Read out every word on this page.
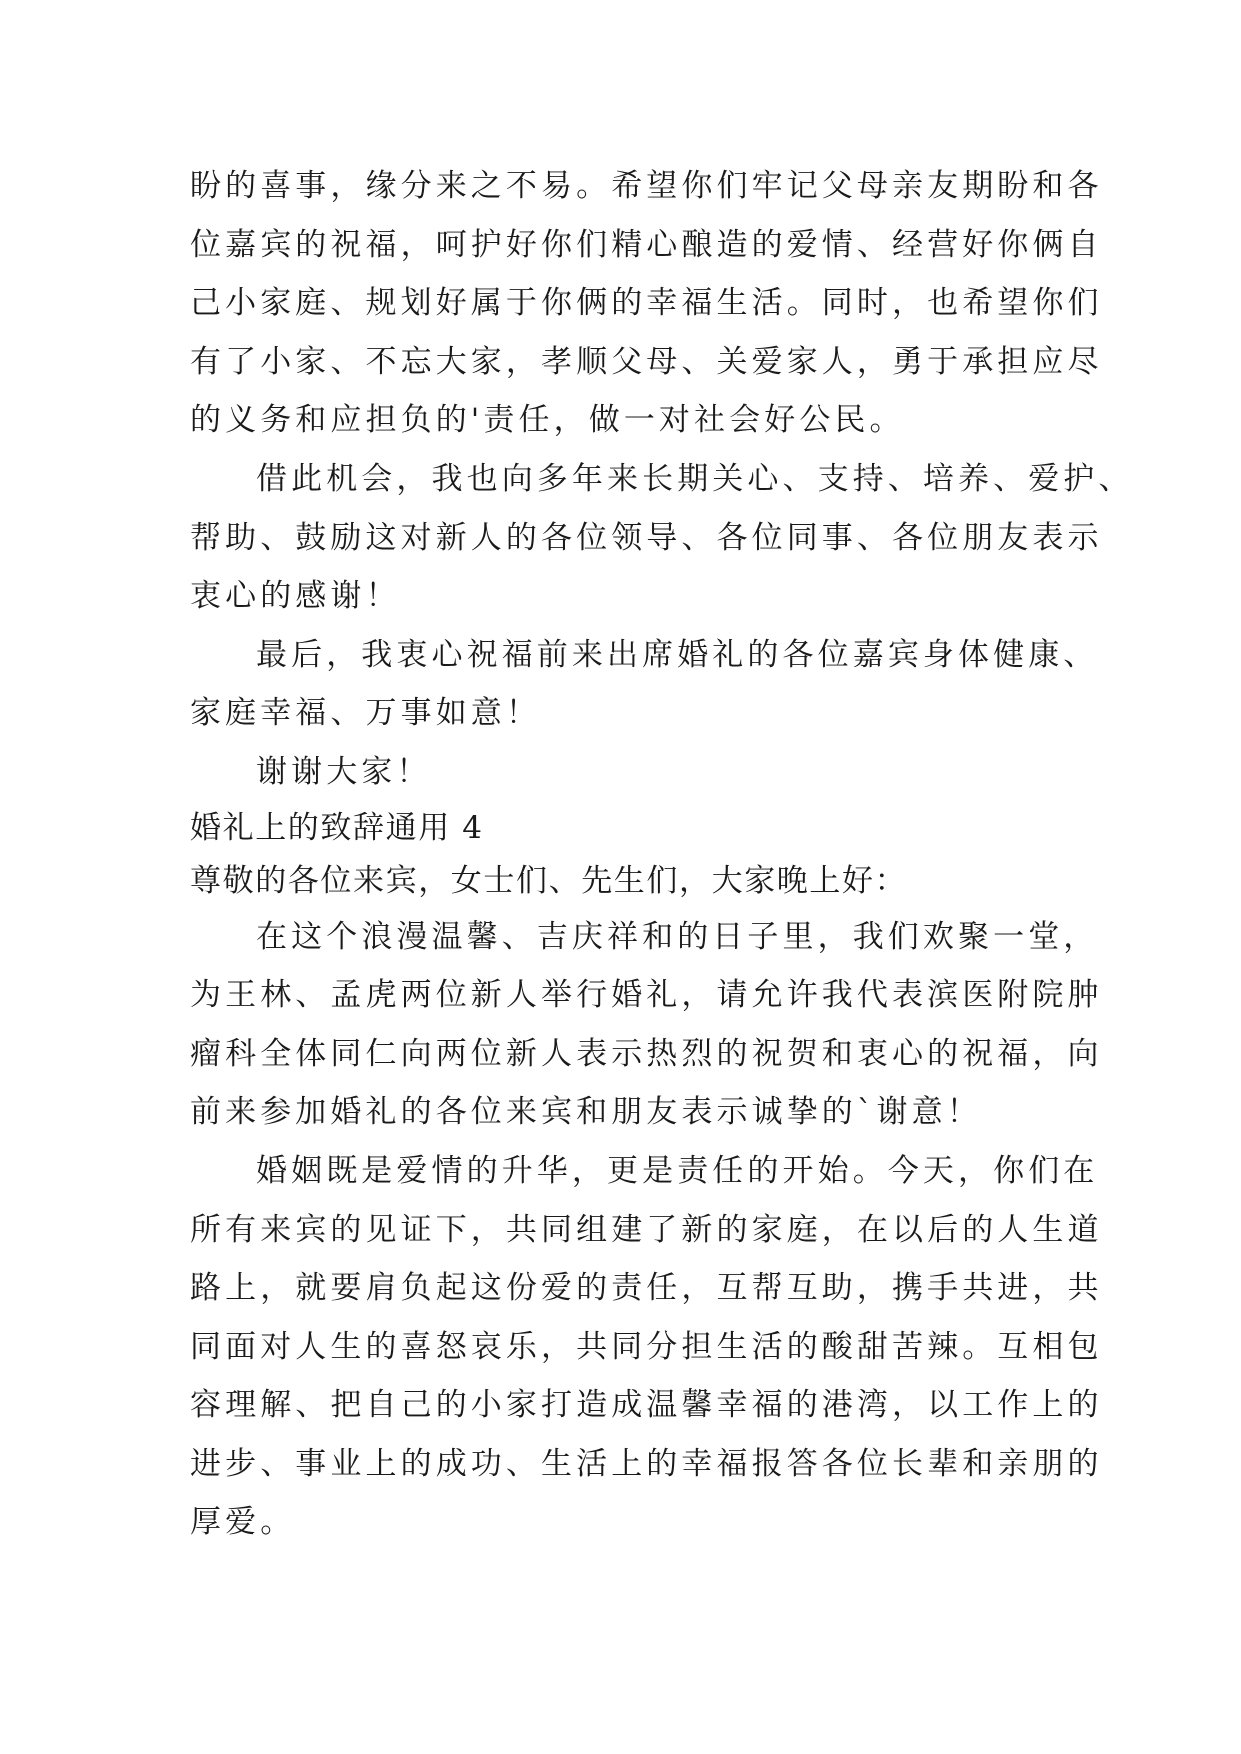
盼的喜事，缘分来之不易。希望你们牢记父母亲友期盼和各
位嘉宾的祝福，呵护好你们精心酿造的爱情、经营好你俩自
己小家庭、规划好属于你俩的幸福生活。同时，也希望你们
有了小家、不忘大家，孝顺父母、关爱家人，勇于承担应尽
的义务和应担负的'责任，做一对社会好公民。
借此机会，我也向多年来长期关心、支持、培养、爱护、
帮助、鼓励这对新人的各位领导、各位同事、各位朋友表示
衷心的感谢！
最后，我衷心祝福前来出席婚礼的各位嘉宾身体健康、
家庭幸福、万事如意！
谢谢大家！
婚礼上的致辞通用 4
尊敬的各位来宾，女士们、先生们，大家晚上好：
在这个浪漫温馨、吉庆祥和的日子里，我们欢聚一堂，
为王林、孟虎两位新人举行婚礼，请允许我代表滨医附院肿
瘤科全体同仁向两位新人表示热烈的祝贺和衷心的祝福，向
前来参加婚礼的各位来宾和朋友表示诚挚的`谢意！
婚姻既是爱情的升华，更是责任的开始。今天，你们在
所有来宾的见证下，共同组建了新的家庭，在以后的人生道
路上，就要肩负起这份爱的责任，互帮互助，携手共进，共
同面对人生的喜怒哀乐，共同分担生活的酸甜苦辣。互相包
容理解、把自己的小家打造成温馨幸福的港湾，以工作上的
进步、事业上的成功、生活上的幸福报答各位长辈和亲朋的
厚爱。
